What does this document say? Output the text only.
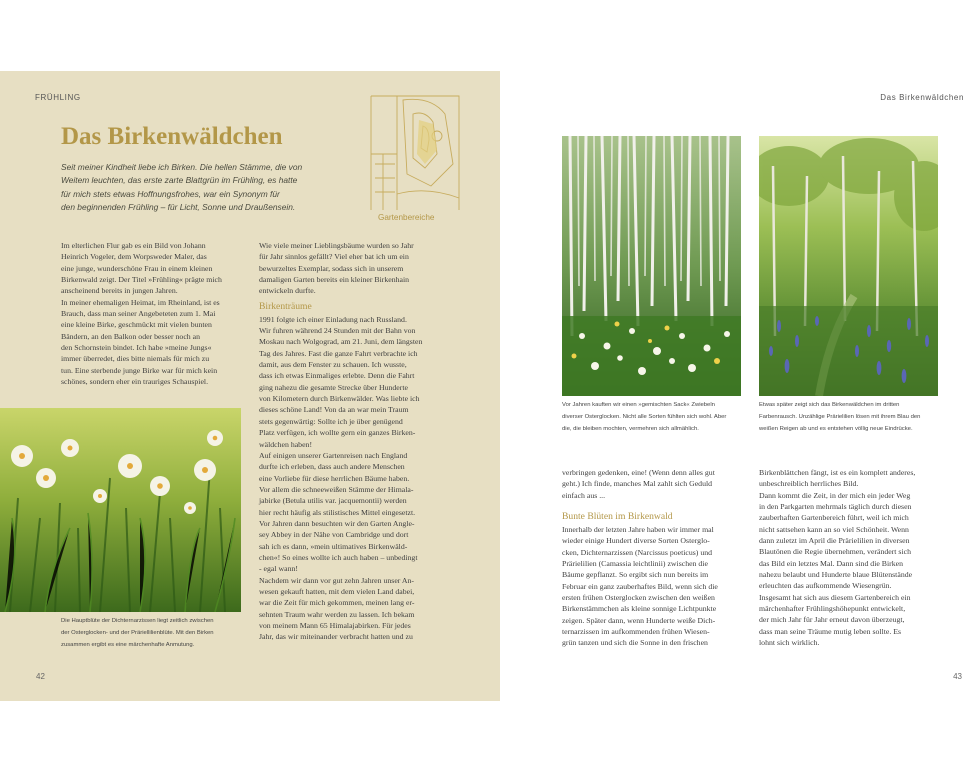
FRÜHLING
Gartenbereiche
Das Birkenwäldchen
Seit meiner Kindheit liebe ich Birken. Die hellen Stämme, die von
Weitem leuchten, das erste zarte Blattgrün im Frühling, es hatte
für mich stets etwas Hoffnungsfrohes, war ein Synonym für
den beginnenden Frühling – für Licht, Sonne und Draußensein.
Im elterlichen Flur gab es ein Bild von Johann
Heinrich Vogeler, dem Worpsweder Maler, das
eine junge, wunderschöne Frau in einem kleinen
Birkenwald zeigt. Der Titel »Frühling« prägte mich
anscheinend bereits in jungen Jahren.
In meiner ehemaligen Heimat, im Rheinland, ist es
Brauch, dass man seiner Angebeteten zum 1. Mai
eine kleine Birke, geschmückt mit vielen bunten
Bändern, an den Balkon oder besser noch an
den Schornstein bindet. Ich habe »meine Jungs«
immer überredet, dies bitte niemals für mich zu
tun. Eine sterbende junge Birke war für mich kein
schönes, sondern eher ein trauriges Schauspiel.
Wie viele meiner Lieblingsbäume wurden so Jahr
für Jahr sinnlos gefällt? Viel eher bat ich um ein
bewurzeltes Exemplar, sodass sich in unserem
damaligen Garten bereits ein kleiner Birkenhain
entwickeln durfte.
Birkenträume
1991 folgte ich einer Einladung nach Russland.
Wir fuhren während 24 Stunden mit der Bahn von
Moskau nach Wolgograd, am 21. Juni, dem längsten
Tag des Jahres. Fast die ganze Fahrt verbrachte ich
damit, aus dem Fenster zu schauen. Ich wusste,
dass ich etwas Einmaliges erlebte. Denn die Fahrt
ging nahezu die gesamte Strecke über Hunderte
von Kilometern durch Birkenwälder. Was liebte ich
dieses schöne Land! Von da an war mein Traum
stets gegenwärtig: Sollte ich je über genügend
Platz verfügen, ich wollte gern ein ganzes Birken-
wäldchen haben!
Auf einigen unserer Gartenreisen nach England
durfte ich erleben, dass auch andere Menschen
eine Vorliebe für diese herrlichen Bäume haben.
Vor allem die schneeweißen Stämme der Himala-
jabirke (Betula utilis var. jacquemontii) werden
hier recht häufig als stilistisches Mittel eingesetzt.
Vor Jahren dann besuchten wir den Garten Angle-
sey Abbey in der Nähe von Cambridge und dort
sah ich es dann, »mein ultimatives Birkenwäld-
chen«! So eines wollte ich auch haben – unbedingt
- egal wann!
Nachdem wir dann vor gut zehn Jahren unser An-
wesen gekauft hatten, mit dem vielen Land dabei,
war die Zeit für mich gekommen, meinen lang er-
sehnten Traum wahr werden zu lassen. Ich bekam
von meinem Mann 65 Himalajabirken. Für jedes
Jahr, das wir miteinander verbracht hatten und zu
Die Hauptblüte der Dichternarzissen liegt zeitlich zwischen
der Osterglocken- und der Präriellilienblüte. Mit den Birken
zusammen ergibt es eine märchenhafte Anmutung.
42
Das Birkenwäldchen
Vor Jahren kauften wir einen »gemischten Sack« Zwiebeln
diverser Osterglocken. Nicht alle Sorten fühlten sich wohl. Aber
die, die bleiben mochten, vermehren sich allmählich.
Etwas später zeigt sich das Birkenwäldchen im dritten
Farbenrausch. Unzählige Prärielilien lösen mit ihrem Blau den
weißen Reigen ab und es entstehen völlig neue Eindrücke.
verbringen gedenken, eine! (Wenn denn alles gut
geht.) Ich finde, manches Mal zahlt sich Geduld
einfach aus ...
Bunte Blüten im Birkenwald
Innerhalb der letzten Jahre haben wir immer mal
wieder einige Hundert diverse Sorten Osterglo-
cken, Dichternarzissen (Narcissus poeticus) und
Prärielilien (Camassia leichtlinii) zwischen die
Bäume gepflanzt. So ergibt sich nun bereits im
Februar ein ganz zauberhaftes Bild, wenn sich die
ersten frühen Osterglocken zwischen den weißen
Birkenstämmchen als kleine sonnige Lichtpunkte
zeigen. Später dann, wenn Hunderte weiße Dich-
ternarzissen im aufkommenden frühen Wiesen-
grün tanzen und sich die Sonne in den frischen
Birkenblättchen fängt, ist es ein komplett anderes,
unbeschreiblich herrliches Bild.
Dann kommt die Zeit, in der mich ein jeder Weg
in den Parkgarten mehrmals täglich durch diesen
zauberhaften Gartenbereich führt, weil ich mich
nicht sattsehen kann an so viel Schönheit. Wenn
dann zuletzt im April die Prärielilien in diversen
Blautönen die Regie übernehmen, verändert sich
das Bild ein letztes Mal. Dann sind die Birken
nahezu belaubt und Hunderte blaue Blütenstände
erleuchten das aufkommende Wiesengrün.
Insgesamt hat sich aus diesem Gartenbereich ein
märchenhafter Frühlingshöhepunkt entwickelt,
der mich Jahr für Jahr erneut davon überzeugt,
dass man seine Träume mutig leben sollte. Es
lohnt sich wirklich.
43
